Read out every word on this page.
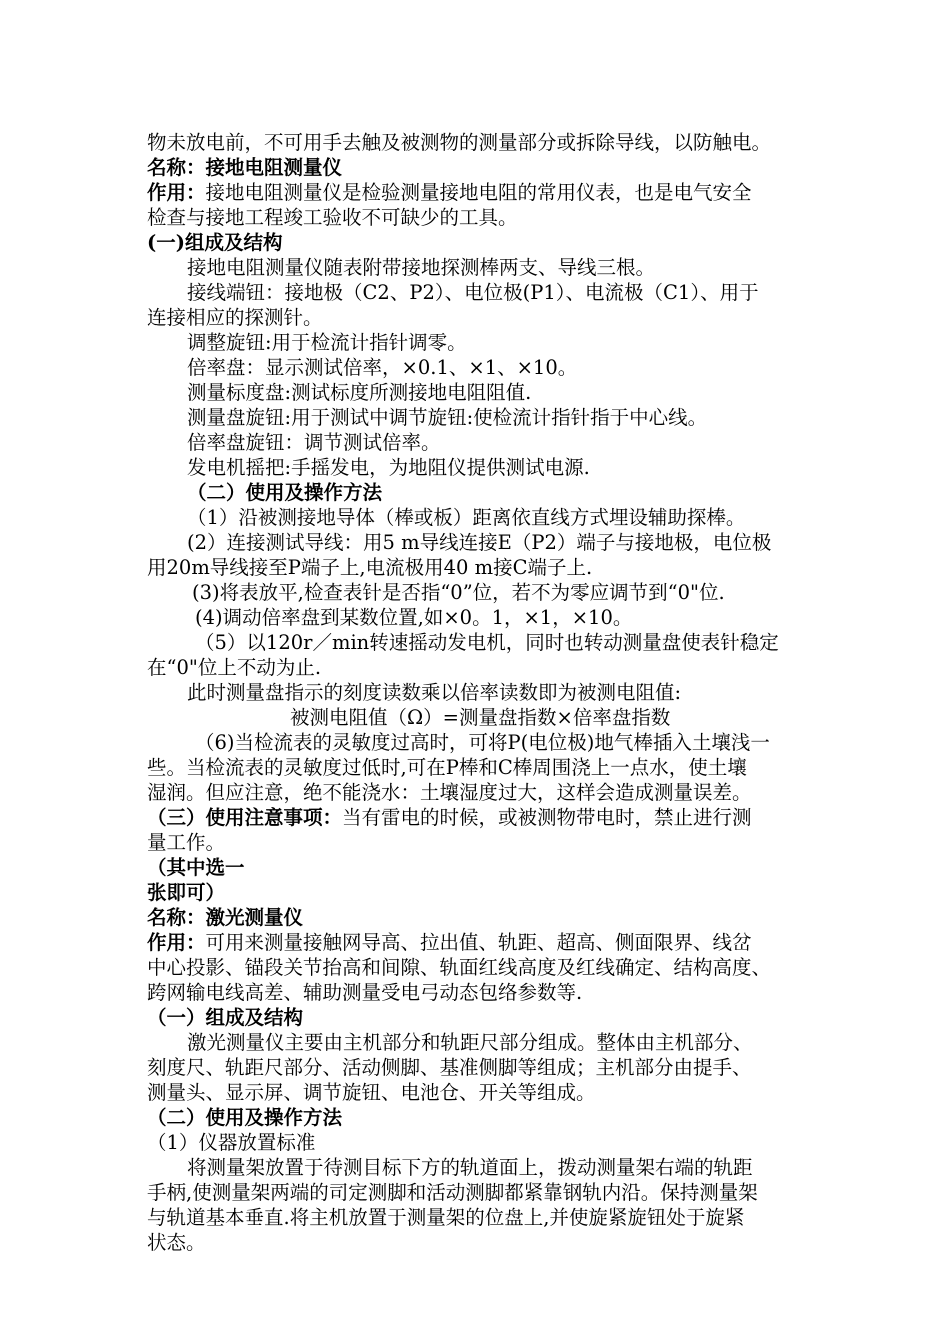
物未放电前，不可用手去触及被测物的测量部分或拆除导线，以防触电。

名称：接地电阻测量仪

作用：接地电阻测量仪是检验测量接地电阻的常用仪表，也是电气安全

检查与接地工程竣工验收不可缺少的工具。

(一)组成及结构

接地电阻测量仪随表附带接地探测棒两支、导线三根。

接线端钮：接地极（C2、P2）、电位极(P1）、电流极（C1）、用于

连接相应的探测针。

调整旋钮:用于检流计指针调零。

倍率盘：显示测试倍率，×0.1、×1、×10。

测量标度盘:测试标度所测接地电阻阻值.

测量盘旋钮:用于测试中调节旋钮:使检流计指针指于中心线。

倍率盘旋钮：调节测试倍率。

发电机摇把:手摇发电，为地阻仪提供测试电源.

（二）使用及操作方法

（1）沿被测接地导体（棒或板）距离依直线方式埋设辅助探棒。

(2）连接测试导线：用5 m导线连接E（P2）端子与接地极，电位极

用20m导线接至P端子上,电流极用40 m接C端子上.

(3)将表放平,检查表针是否指“0”位，若不为零应调节到“0"位.

(4)调动倍率盘到某数位置,如×0。1，×1，×10。

（5）以120r／min转速摇动发电机，同时也转动测量盘使表针稳定

在“0"位上不动为止.

此时测量盘指示的刻度读数乘以倍率读数即为被测电阻值:

被测电阻值（Ω）=测量盘指数×倍率盘指数

（6)当检流表的灵敏度过高时，可将P(电位极)地气棒插入土壤浅一

些。当检流表的灵敏度过低时,可在P棒和C棒周围浇上一点水，使土壤

湿润。但应注意，绝不能浇水：土壤湿度过大，这样会造成测量误差。

（三）使用注意事项：当有雷电的时候，或被测物带电时，禁止进行测

量工作。

（其中选一

张即可）

名称：激光测量仪

作用：可用来测量接触网导高、拉出值、轨距、超高、侧面限界、线岔

中心投影、锚段关节抬高和间隙、轨面红线高度及红线确定、结构高度、

跨网输电线高差、辅助测量受电弓动态包络参数等.

（一）组成及结构

激光测量仪主要由主机部分和轨距尺部分组成。整体由主机部分、

刻度尺、轨距尺部分、活动侧脚、基准侧脚等组成；主机部分由提手、

测量头、显示屏、调节旋钮、电池仓、开关等组成。

（二）使用及操作方法

（1）仪器放置标准

将测量架放置于待测目标下方的轨道面上，拨动测量架右端的轨距

手柄,使测量架两端的司定测脚和活动测脚都紧靠钢轨内沿。保持测量架

与轨道基本垂直.将主机放置于测量架的位盘上,并使旋紧旋钮处于旋紧

状态。
